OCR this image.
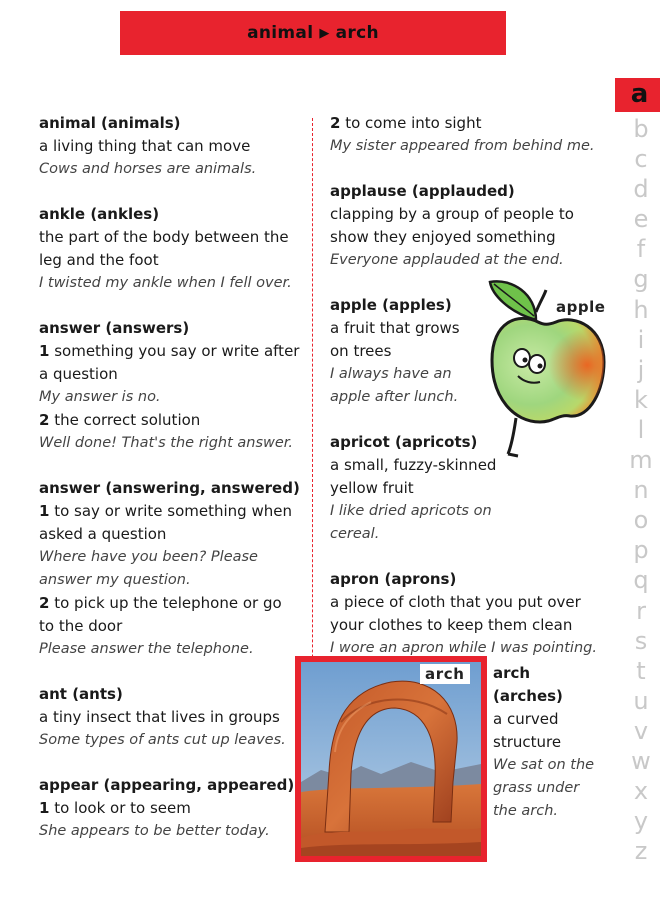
animal ▶ arch
animal (animals)
a living thing that can move
Cows and horses are animals.
ankle (ankles)
the part of the body between the leg and the foot
I twisted my ankle when I fell over.
answer (answers)
1 something you say or write after a question
My answer is no.
2 the correct solution
Well done! That's the right answer.
answer (answering, answered)
1 to say or write something when asked a question
Where have you been? Please answer my question.
2 to pick up the telephone or go to the door
Please answer the telephone.
ant (ants)
a tiny insect that lives in groups
Some types of ants cut up leaves.
appear (appearing, appeared)
1 to look or to seem
She appears to be better today.
2 to come into sight
My sister appeared from behind me.
applause (applauded)
clapping by a group of people to show they enjoyed something
Everyone applauded at the end.
apple (apples)
a fruit that grows on trees
I always have an apple after lunch.
apricot (apricots)
a small, fuzzy-skinned yellow fruit
I like dried apricots on cereal.
apron (aprons)
a piece of cloth that you put over your clothes to keep them clean
I wore an apron while I was pointing.
apple
arch	arch
(arches)
a curved structure
We sat on the grass under the arch.
a
b
c
d
e
f
g
h
i
j
k
l
m
n
o
p
q
r
s
t
u
v
w
x
y
z
